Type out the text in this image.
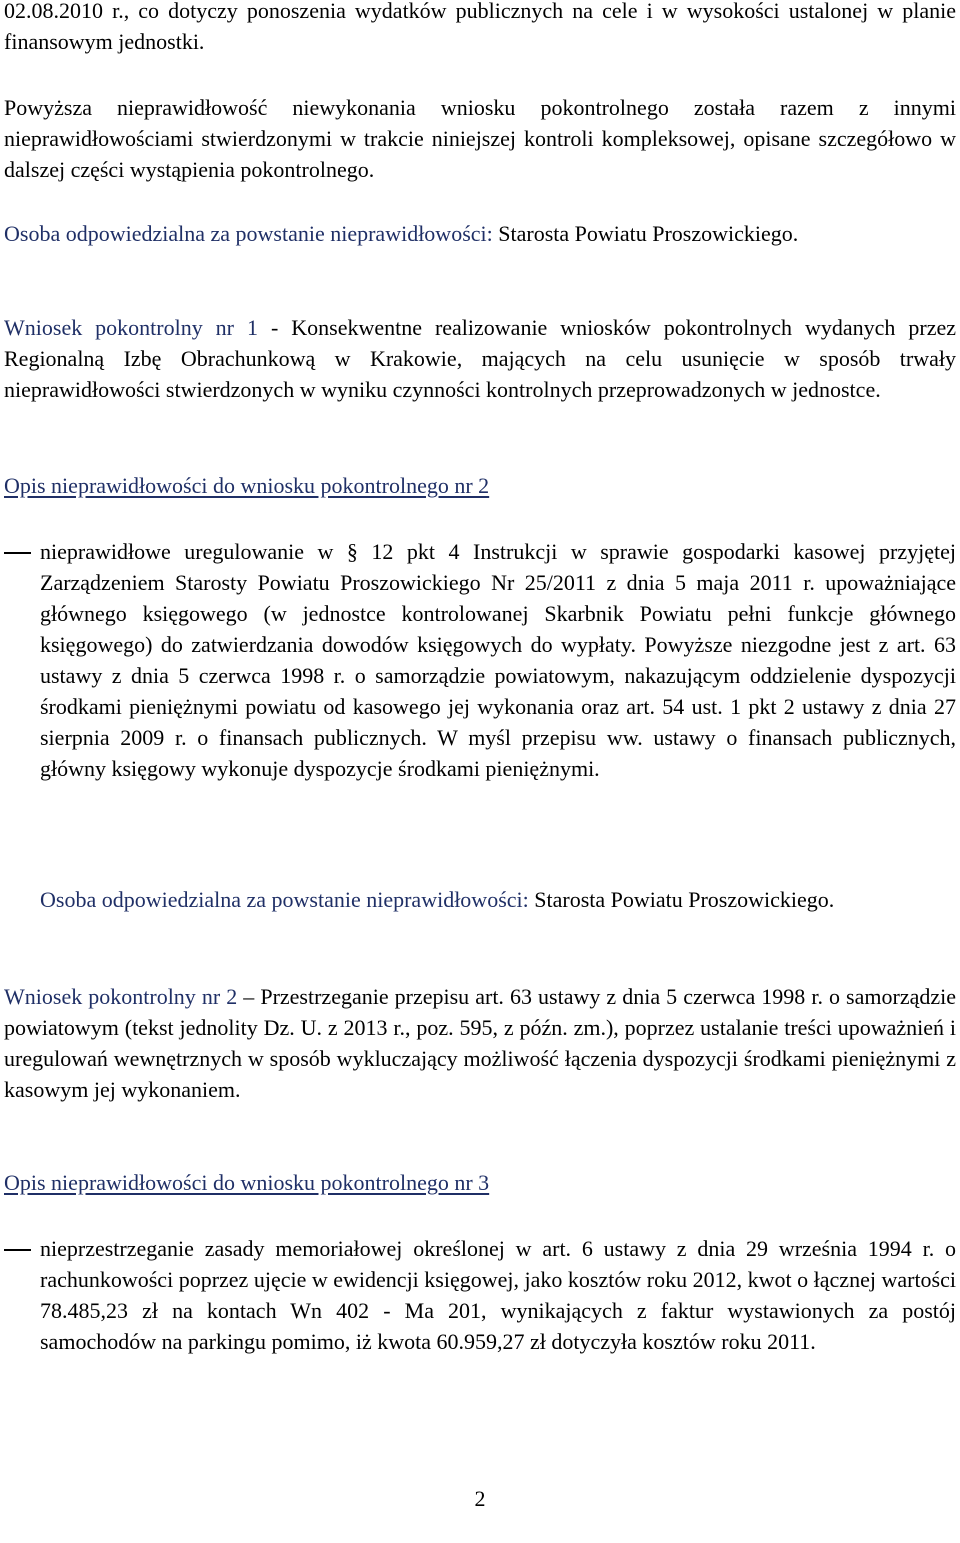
02.08.2010 r., co dotyczy ponoszenia wydatków publicznych na cele i w wysokości ustalonej w planie finansowym jednostki.

Powyższa nieprawidłowość niewykonania wniosku pokontrolnego została razem z innymi nieprawidłowościami stwierdzonymi w trakcie niniejszej kontroli kompleksowej, opisane szczegółowo w dalszej części wystąpienia pokontrolnego.

Osoba odpowiedzialna za powstanie nieprawidłowości: Starosta Powiatu Proszowickiego.

Wniosek pokontrolny nr 1 - Konsekwentne realizowanie wniosków pokontrolnych wydanych przez Regionalną Izbę Obrachunkową w Krakowie, mających na celu usunięcie w sposób trwały nieprawidłowości stwierdzonych w wyniku czynności kontrolnych przeprowadzonych w jednostce.

Opis nieprawidłowości do wniosku pokontrolnego nr 2

nieprawidłowe uregulowanie w § 12 pkt 4 Instrukcji w sprawie gospodarki kasowej przyjętej Zarządzeniem Starosty Powiatu Proszowickiego Nr 25/2011 z dnia 5 maja 2011 r. upoważniające głównego księgowego (w jednostce kontrolowanej Skarbnik Powiatu pełni funkcje głównego księgowego) do zatwierdzania dowodów księgowych do wypłaty. Powyższe niezgodne jest z art. 63 ustawy z dnia 5 czerwca 1998 r. o samorządzie powiatowym, nakazującym oddzielenie dyspozycji środkami pieniężnymi powiatu od kasowego jej wykonania oraz art. 54 ust. 1 pkt 2 ustawy z dnia 27 sierpnia 2009 r. o finansach publicznych. W myśl przepisu ww. ustawy o finansach publicznych, główny księgowy wykonuje dyspozycje środkami pieniężnymi.

Osoba odpowiedzialna za powstanie nieprawidłowości: Starosta Powiatu Proszowickiego.

Wniosek pokontrolny nr 2 – Przestrzeganie przepisu art. 63 ustawy z dnia 5 czerwca 1998 r. o samorządzie powiatowym (tekst jednolity Dz. U. z 2013 r., poz. 595, z późn. zm.), poprzez ustalanie treści upoważnień i uregulowań wewnętrznych w sposób wykluczający możliwość łączenia dyspozycji środkami pieniężnymi z kasowym jej wykonaniem.

Opis nieprawidłowości do wniosku pokontrolnego nr 3

nieprzestrzeganie zasady memoriałowej określonej w art. 6 ustawy z dnia 29 września 1994 r. o rachunkowości poprzez ujęcie w ewidencji księgowej, jako kosztów roku 2012, kwot o łącznej wartości 78.485,23 zł na kontach Wn 402 - Ma 201, wynikających z faktur wystawionych za postój samochodów na parkingu pomimo, iż kwota 60.959,27 zł dotyczyła kosztów roku 2011.

2
